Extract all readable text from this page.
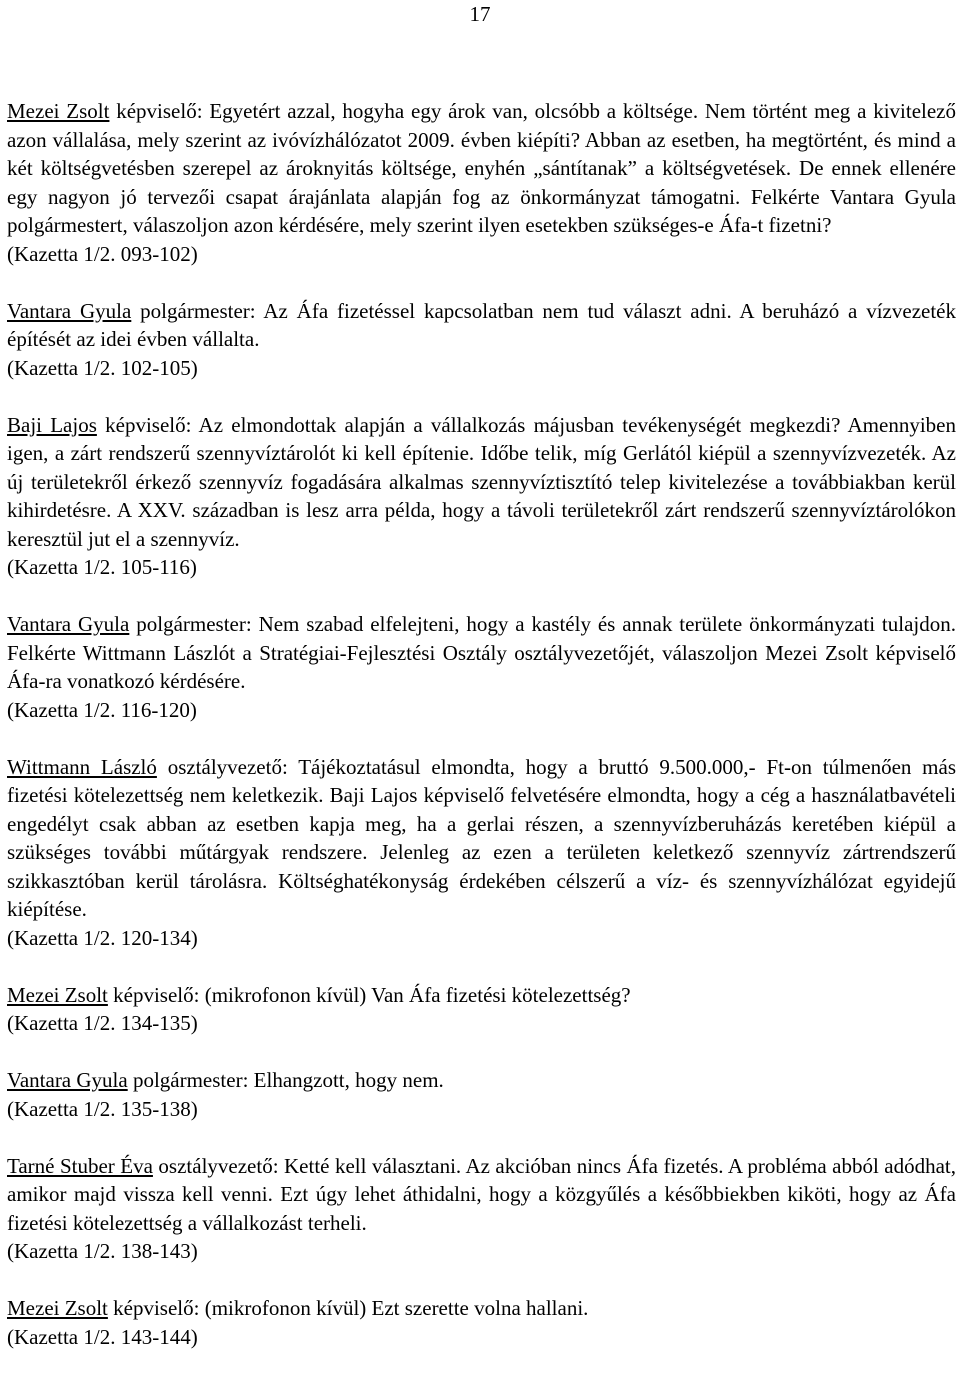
17

Mezei Zsolt képviselő: Egyetért azzal, hogyha egy árok van, olcsóbb a költsége. Nem történt meg a kivitelező azon vállalása, mely szerint az ivóvízhálózatot 2009. évben kiépíti? Abban az esetben, ha megtörtént, és mind a két költségvetésben szerepel az ároknyitás költsége, enyhén „sántítanak” a költségvetések. De ennek ellenére egy nagyon jó tervezői csapat árajánlata alapján fog az önkormányzat támogatni. Felkérte Vantara Gyula polgármestert, válaszoljon azon kérdésére, mely szerint ilyen esetekben szükséges-e Áfa-t fizetni?
(Kazetta 1/2. 093-102)

Vantara Gyula polgármester: Az Áfa fizetéssel kapcsolatban nem tud választ adni. A beruházó a vízvezeték építését az idei évben vállalta.
(Kazetta 1/2. 102-105)

Baji Lajos képviselő: Az elmondottak alapján a vállalkozás májusban tevékenységét megkezdi? Amennyiben igen, a zárt rendszerű szennyvíztárolót ki kell építenie. Időbe telik, míg Gerlától kiépül a szennyvízvezeték. Az új területekről érkező szennyvíz fogadására alkalmas szennyvíztisztító telep kivitelezése a továbbiakban kerül kihirdetésre. A XXV. században is lesz arra példa, hogy a távoli területekről zárt rendszerű szennyvíztárolókon keresztül jut el a szennyvíz.
(Kazetta 1/2. 105-116)

Vantara Gyula polgármester: Nem szabad elfelejteni, hogy a kastély és annak területe önkormányzati tulajdon. Felkérte Wittmann Lászlót a Stratégiai-Fejlesztési Osztály osztályvezetőjét, válaszoljon Mezei Zsolt képviselő Áfa-ra vonatkozó kérdésére.
(Kazetta 1/2. 116-120)

Wittmann László osztályvezető: Tájékoztatásul elmondta, hogy a bruttó 9.500.000,- Ft-on túlmenően más fizetési kötelezettség nem keletkezik. Baji Lajos képviselő felvetésére elmondta, hogy a cég a használatbavételi engedélyt csak abban az esetben kapja meg, ha a gerlai részen, a szennyvízberuházás keretében kiépül a szükséges további műtárgyak rendszere. Jelenleg az ezen a területen keletkező szennyvíz zártrendszerű szikkasztóban kerül tárolásra. Költséghatékonyság érdekében célszerű a víz- és szennyvízhálózat egyidejű kiépítése.
(Kazetta 1/2. 120-134)

Mezei Zsolt képviselő: (mikrofonon kívül) Van Áfa fizetési kötelezettség?
(Kazetta 1/2. 134-135)

Vantara Gyula polgármester: Elhangzott, hogy nem.
(Kazetta 1/2. 135-138)

Tarné Stuber Éva osztályvezető: Ketté kell választani. Az akcióban nincs Áfa fizetés. A probléma abból adódhat, amikor majd vissza kell venni. Ezt úgy lehet áthidalni, hogy a közgyűlés a későbbiekben kiköti, hogy az Áfa fizetési kötelezettség a vállalkozást terheli.
(Kazetta 1/2. 138-143)

Mezei Zsolt képviselő: (mikrofonon kívül) Ezt szerette volna hallani.
(Kazetta 1/2. 143-144)
